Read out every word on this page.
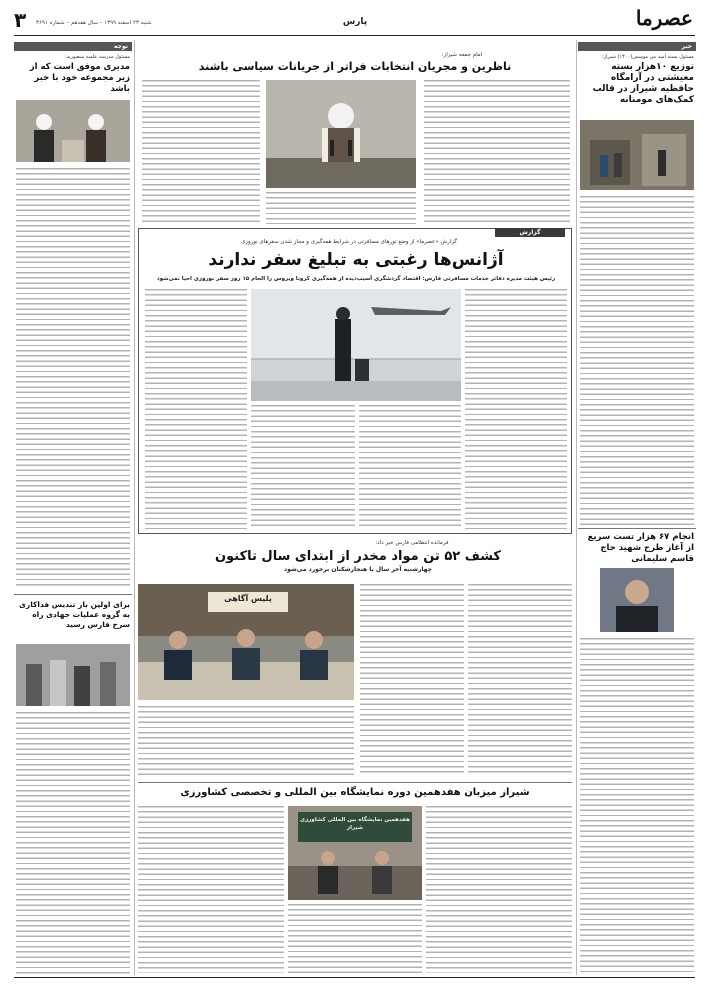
۳ شنبه ۲۳ اسفند ۱۳۹۹ – سال هفدهم – شماره ۳۶۹۱	پارس	عصرما
خبر
مسئول بسته امید من موسس(۱۴۰۰) شیراز:
توزیع ۱۰هزار بسته معیشتی در آرامگاه حافظیه شیراز در قالب کمک‌های مومنانه
انجام ۶۷ هزار تست سریع از آغاز طرح شهید حاج قاسم سلیمانی
نوجه
مسئول مدرسه علمیه منصوریه:
مدیری موفق است که از زیر مجموعه خود با خبر باشد
برای اولین بار تندیس فداکاری به گروه عملیات جهادی راه سرخ فارس رسید
امام جمعه شیراز:
ناظرین و مجریان انتخابات فراتر از جریانات سیاسی باشند
گزارش
گزارش «عصرما» از وضع تورهای مسافرتی در شرایط همه‌گیری و مجاز شدن سفرهای نوروزی
آژانس‌ها رغبتی به تبلیغ سفر ندارند
رئیس هیئت مدیره دفاتر خدمات مسافرتی فارس: اقتصاد گردشگری آسیب‌دیده از همه‌گیری کرونا ویروس را الجام ۱۵ روز سفر نوروزی احیا نمی‌شود
فرمانده انتظامی فارس خبر داد:
کشف ۵۲ تن مواد مخدر از ابتدای سال تاکنون
چهارشنبه آخر سال با هنجارشکنان برخورد می‌شود
پلیس آگاهی
شیراز میزبان هفدهمین دوره نمایشگاه بین المللی و تخصصی کشاورزی
هفدهمین نمایشگاه بین المللی کشاورزی شیراز
